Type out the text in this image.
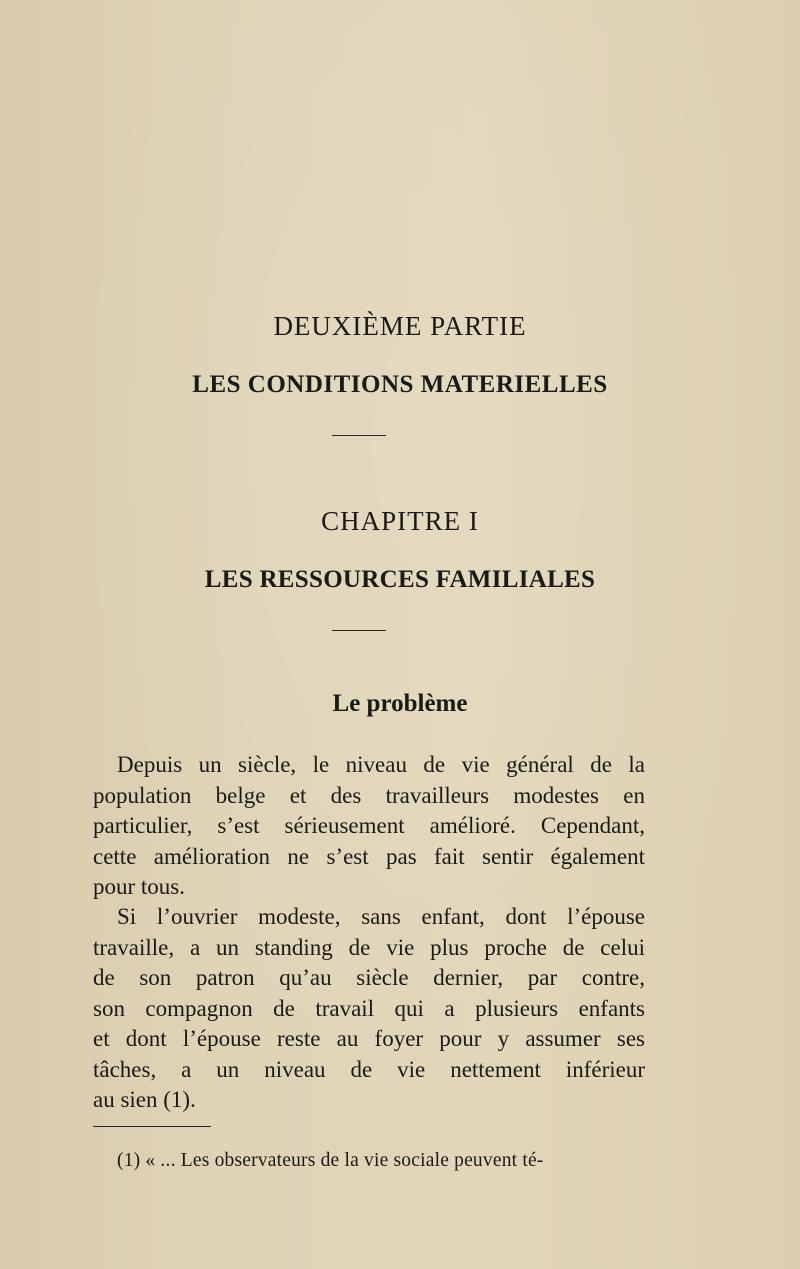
DEUXIÈME PARTIE
LES CONDITIONS MATERIELLES
CHAPITRE I
LES RESSOURCES FAMILIALES
Le problème
Depuis un siècle, le niveau de vie général de la
population belge et des travailleurs modestes en
particulier, s’est sérieusement amélioré. Cependant,
cette amélioration ne s’est pas fait sentir également
pour tous.
Si l’ouvrier modeste, sans enfant, dont l’épouse
travaille, a un standing de vie plus proche de celui
de son patron qu’au siècle dernier, par contre,
son compagnon de travail qui a plusieurs enfants
et dont l’épouse reste au foyer pour y assumer ses
tâches, a un niveau de vie nettement inférieur
au sien (1).
(1) « ... Les observateurs de la vie sociale peuvent té-
